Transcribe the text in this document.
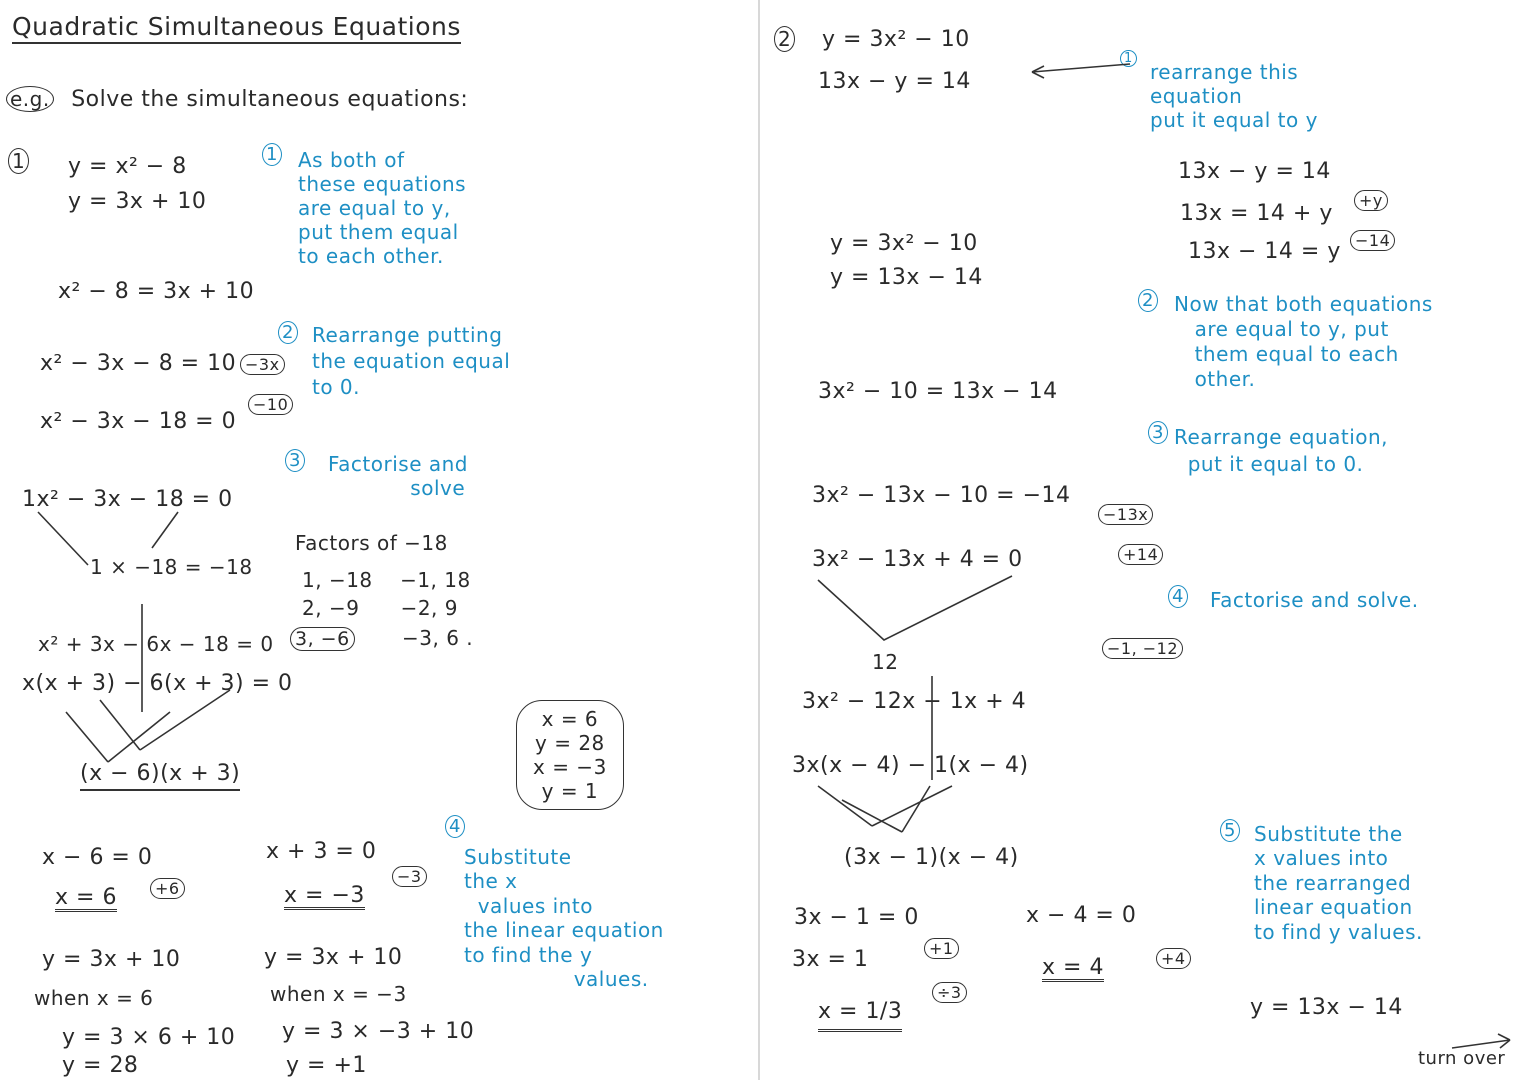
Quadratic Simultaneous Equations
e.g. Solve the simultaneous equations:
1 y = x² − 8
y = 3x + 10
1 As both of
these equations
are equal to y,
put them equal
to each other.
x² − 8 = 3x + 10
x² − 3x − 8 = 10 −3x
−10
x² − 3x − 18 = 0
2 Rearrange putting
the equation equal
to 0.
3 Factorise and
solve
1x² − 3x − 18 = 0
1 × −18 = −18
Factors of −18
1, −18    −1, 18
2, −9      −2, 9
3, −6	−3, 6 .
x² + 3x − 6x − 18 = 0
x(x + 3) − 6(x + 3) = 0
(x − 6)(x + 3)
x = 6
y = 28
x = −3
y = 1
x − 6 = 0
+6
x = 6
x + 3 = 0
−3
x = −3
4
Substitute
the x
values into
the linear equation
to find the y
values.
y = 3x + 10
when x = 6
y = 3 × 6 + 10
y = 28
y = 3x + 10
when x = −3
y = 3 × −3 + 10
y = +1
2 y = 3x² − 10
13x − y = 14
1
rearrange this
equation
put it equal to y
13x − y = 14
13x = 14 + y
+y
13x − 14 = y −14
y = 3x² − 10
y = 13x − 14
2 Now that both equations
are equal to y, put
them equal to each
other.
3x² − 10 = 13x − 14
3 Rearrange equation,
put it equal to 0.
3x² − 13x − 10 = −14
−13x
3x² − 13x + 4 = 0	+14
4 Factorise and solve.
−1, −12
12
3x² − 12x − 1x + 4
3x(x − 4) − 1(x − 4)
(3x − 1)(x − 4)
3x − 1 = 0
+1
3x = 1
÷3
x = 1/3
x − 4 = 0
+4
x = 4
5 Substitute the
x values into
the rearranged
linear equation
to find y values.
y = 13x − 14
turn over
